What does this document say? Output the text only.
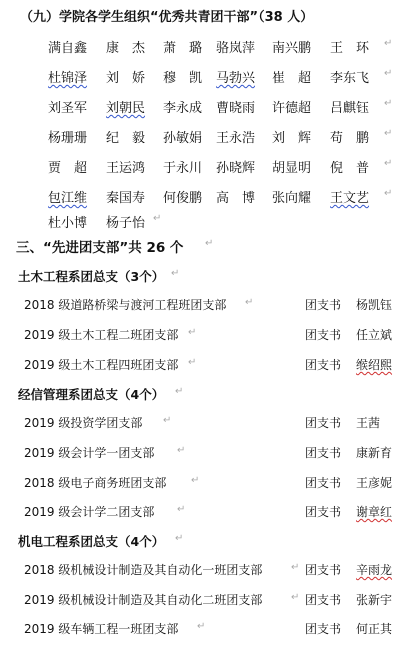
（九）学院各学生组织“优秀共青团干部”（38 人）
满自鑫 康　杰 萧　璐 骆岚萍 南兴鹏 王　环
杜锦泽 刘　娇 穆　凯 马勃兴 崔　超 李东飞
刘圣军 刘朝民 李永成 曹晓雨 许德超 吕麒钰
杨珊珊 纪　毅 孙敏娟 王永浩 刘　辉 苟　鹏
贾　超 王运鸿 于永川 孙晓辉 胡显明 倪　普
包江维 秦国寿 何俊鹏 高　博 张向耀 王文艺
杜小博 杨子怡
三、“先进团支部”共 26 个
土木工程系团总支（3个）
2018 级道路桥梁与渡河工程班团支部	团支书 杨凯钰
2019 级土木工程二班团支部	团支书 任立斌
2019 级土木工程四班团支部	团支书 缑绍熙
经信管理系团总支（4个）
2019 级投资学团支部	团支书 王茜
2019 级会计学一团支部	团支书 康新育
2018 级电子商务班团支部	团支书 王彦妮
2019 级会计学二团支部	团支书 谢章红
机电工程系团总支（4个）
2018 级机械设计制造及其自动化一班团支部	团支书 辛雨龙
2019 级机械设计制造及其自动化二班团支部	团支书 张新宇
2019 级车辆工程一班团支部	团支书 何正其
↵
↵
↵
↵
↵
↵
↵
↵
↵
↵
↵
↵
↵
↵
↵
↵
↵
↵
↵
↵
↵
